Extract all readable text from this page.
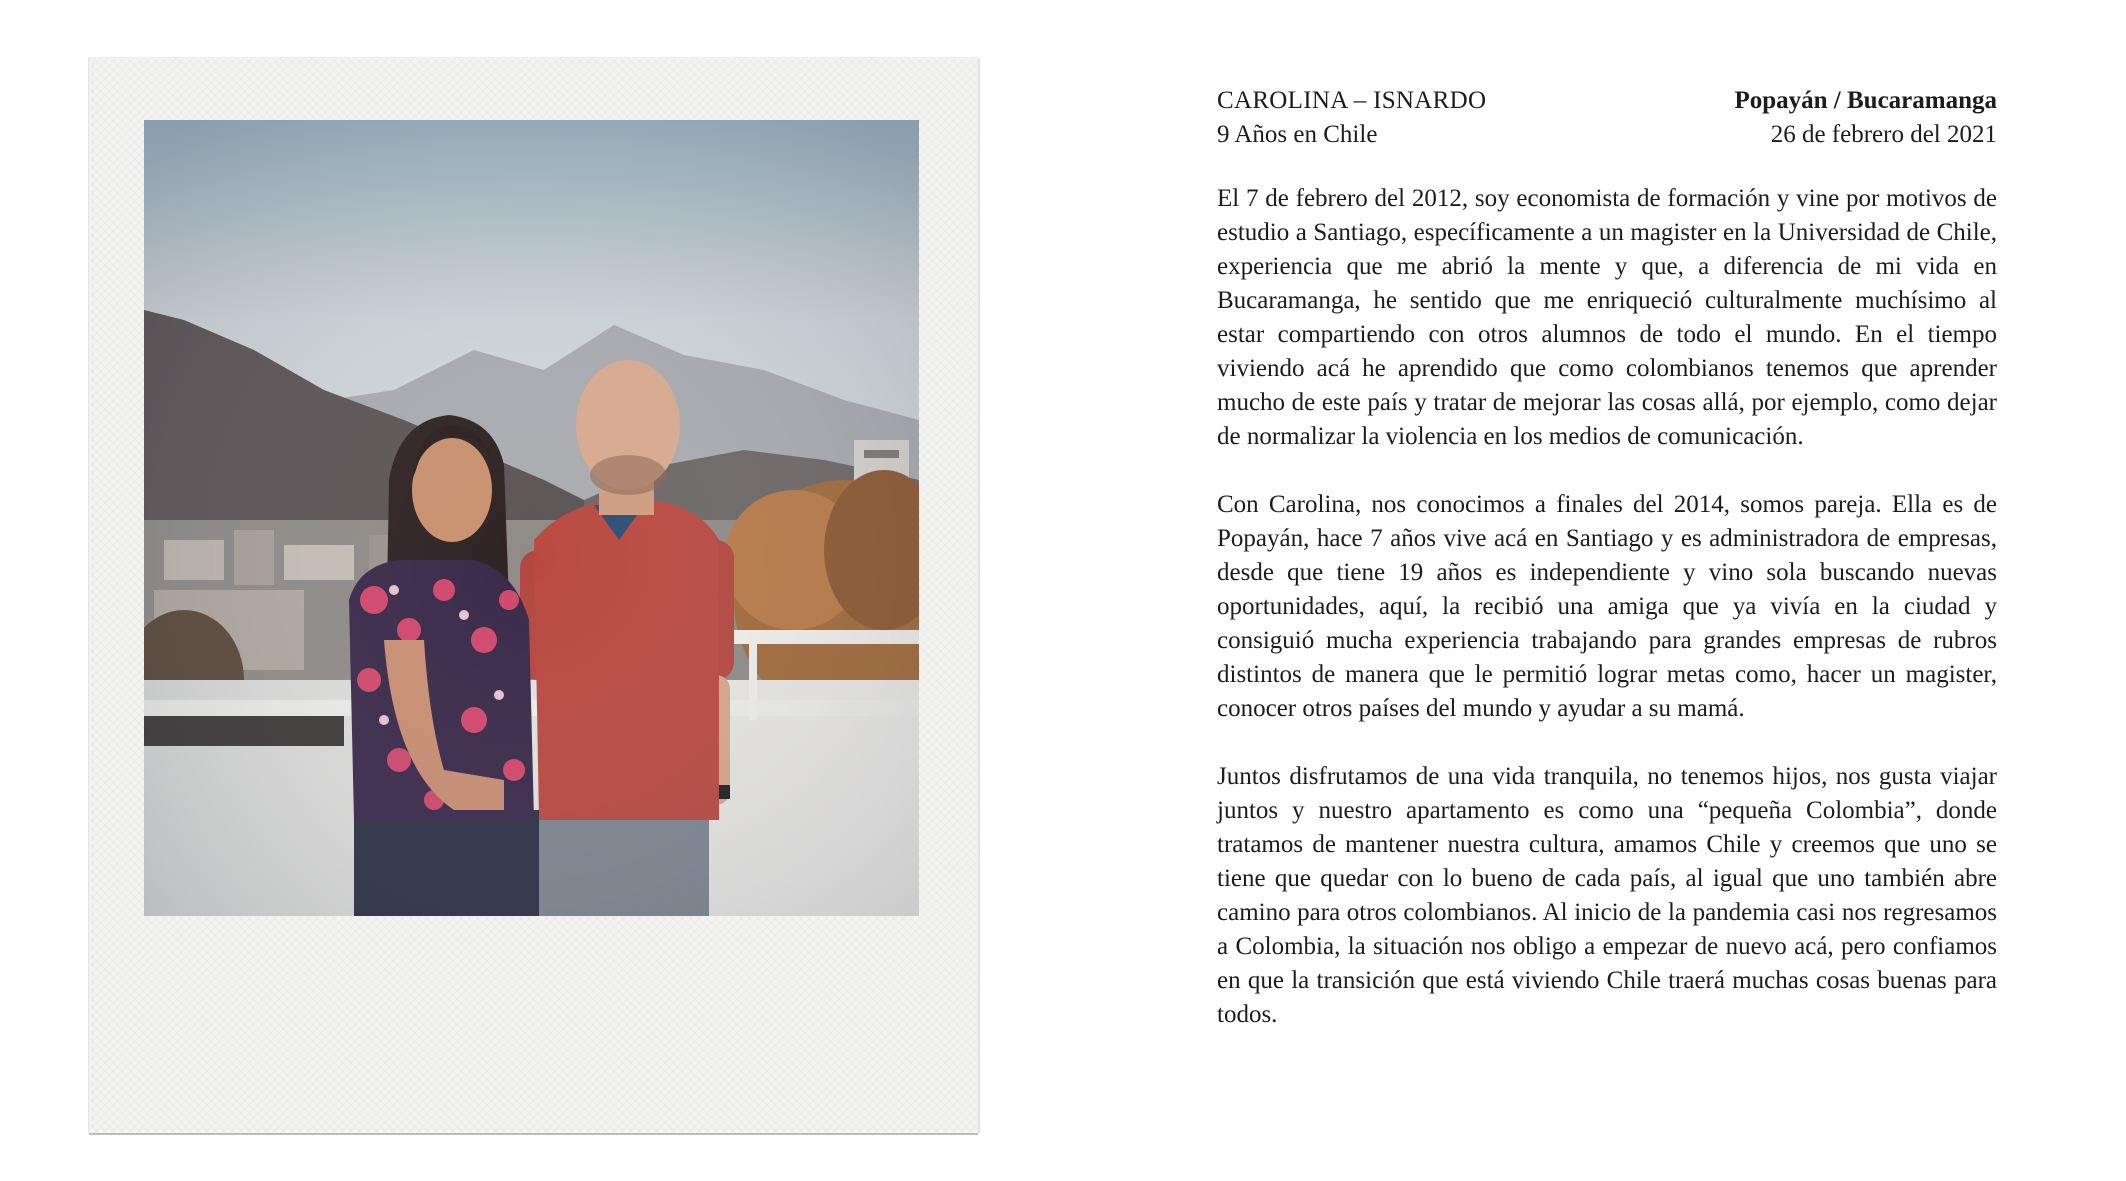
CAROLINA – ISNARDO
9 Años en Chile
Popayán / Bucaramanga
26 de febrero del 2021

El 7 de febrero del 2012, soy economista de formación y vine por motivos de estudio a Santiago, específicamente a un magister en la Universidad de Chile, experiencia que me abrió la mente y que, a diferencia de mi vida en Bucaramanga, he sentido que me enriqueció culturalmente muchísimo al estar compartiendo con otros alumnos de todo el mundo. En el tiempo viviendo acá he aprendido que como colombianos tenemos que aprender mucho de este país y tratar de mejorar las cosas allá, por ejemplo, como dejar de normalizar la violencia en los medios de comunicación.

Con Carolina, nos conocimos a finales del 2014, somos pareja. Ella es de Popayán, hace 7 años vive acá en Santiago y es administradora de empresas, desde que tiene 19 años es independiente y vino sola buscando nuevas oportunidades, aquí, la recibió una amiga que ya vivía en la ciudad y consiguió mucha experiencia trabajando para grandes empresas de rubros distintos de manera que le permitió lograr metas como, hacer un magister, conocer otros países del mundo y ayudar a su mamá.

Juntos disfrutamos de una vida tranquila, no tenemos hijos, nos gusta viajar juntos y nuestro apartamento es como una “pequeña Colombia”, donde tratamos de mantener nuestra cultura, amamos Chile y creemos que uno se tiene que quedar con lo bueno de cada país, al igual que uno también abre camino para otros colombianos. Al inicio de la pandemia casi nos regresamos a Colombia, la situación nos obligo a empezar de nuevo acá, pero confiamos en que la transición que está viviendo Chile traerá muchas cosas buenas para todos.
